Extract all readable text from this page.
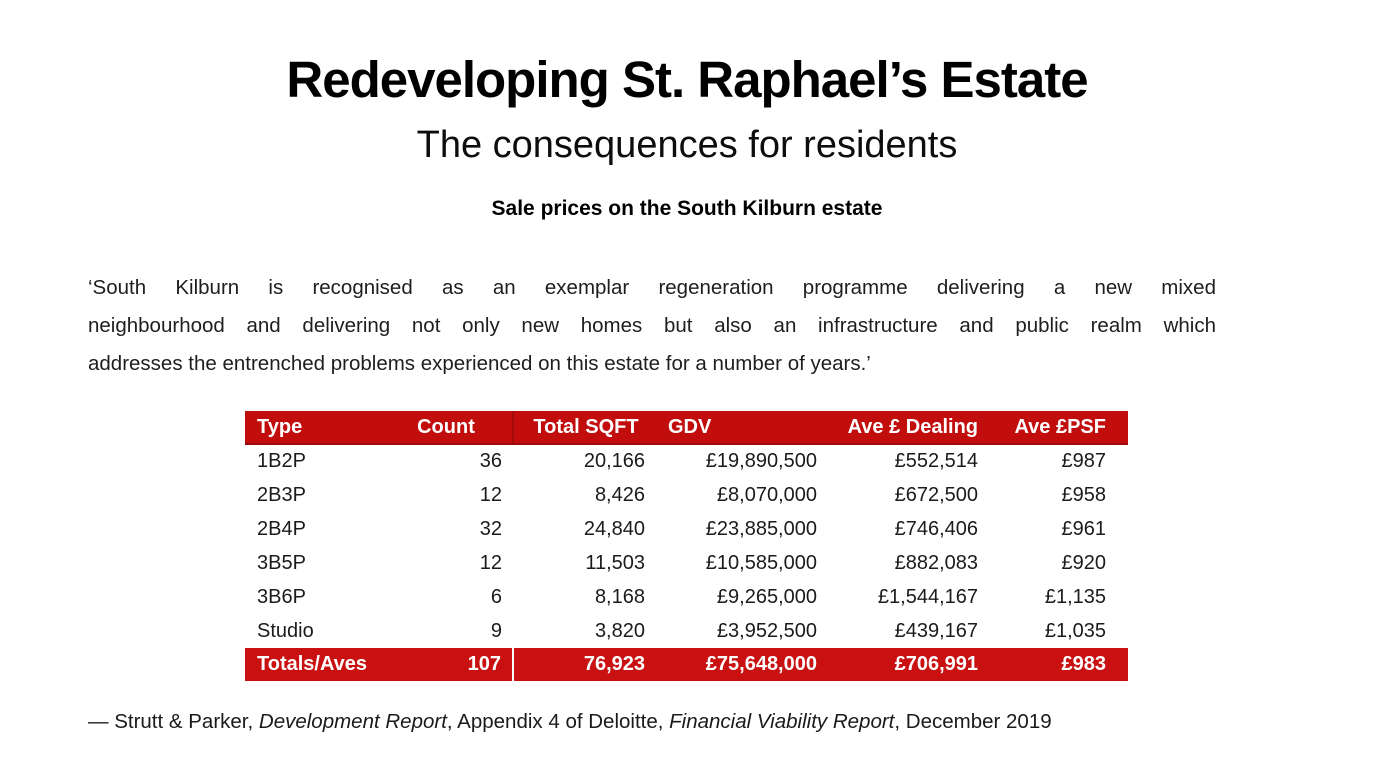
Redeveloping St. Raphael’s Estate
The consequences for residents
Sale prices on the South Kilburn estate
‘South Kilburn is recognised as an exemplar regeneration programme delivering a new mixed
neighbourhood and delivering not only new homes but also an infrastructure and public realm which
addresses the entrenched problems experienced on this estate for a number of years.’
Type	Count	Total SQFT	GDV	Ave £ Dealing	Ave £PSF
1B2P	36	20,166	£19,890,500	£552,514	£987
2B3P	12	8,426	£8,070,000	£672,500	£958
2B4P	32	24,840	£23,885,000	£746,406	£961
3B5P	12	11,503	£10,585,000	£882,083	£920
3B6P	6	8,168	£9,265,000	£1,544,167	£1,135
Studio	9	3,820	£3,952,500	£439,167	£1,035
Totals/Aves	107	76,923	£75,648,000	£706,991	£983
— Strutt & Parker, Development Report, Appendix 4 of Deloitte, Financial Viability Report, December 2019
